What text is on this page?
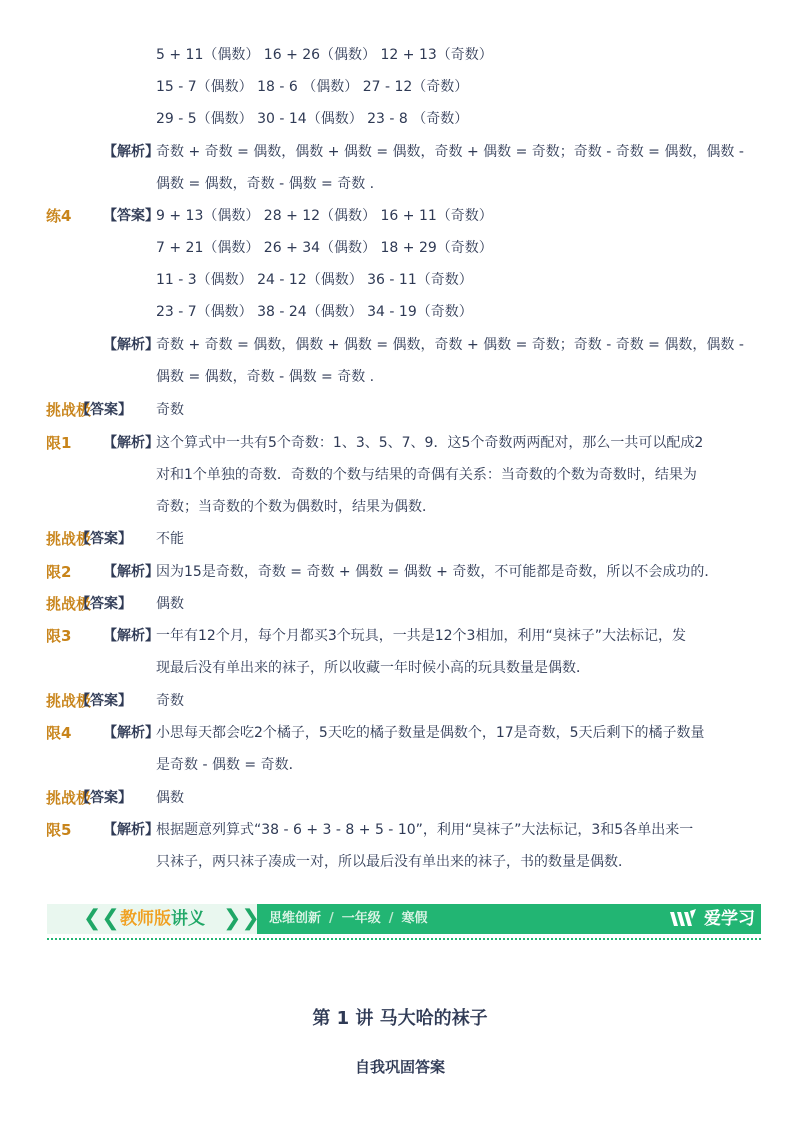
5 + 11（偶数） 16 + 26（偶数） 12 + 13（奇数）
15 - 7（偶数） 18 - 6 （偶数） 27 - 12（奇数）
29 - 5（偶数） 30 - 14（偶数） 23 - 8 （奇数）
【解析】
奇数 + 奇数 = 偶数，偶数 + 偶数 = 偶数，奇数 + 偶数 = 奇数；奇数 - 奇数 = 偶数，偶数 -
偶数 = 偶数，奇数 - 偶数 = 奇数 .
练4 【答案】
9 + 13（偶数） 28 + 12（偶数） 16 + 11（奇数）
7 + 21（偶数） 26 + 34（偶数） 18 + 29（奇数）
11 - 3（偶数） 24 - 12（偶数） 36 - 11（奇数）
23 - 7（偶数） 38 - 24（偶数） 34 - 19（奇数）
【解析】
奇数 + 奇数 = 偶数，偶数 + 偶数 = 偶数，奇数 + 偶数 = 奇数；奇数 - 奇数 = 偶数，偶数 -
偶数 = 偶数，奇数 - 偶数 = 奇数 .
挑战极
【答案】 奇数
限1 【解析】
这个算式中一共有5个奇数：1、3、5、7、9．这5个奇数两两配对，那么一共可以配成2
对和1个单独的奇数．奇数的个数与结果的奇偶有关系：当奇数的个数为奇数时，结果为
奇数；当奇数的个数为偶数时，结果为偶数．
挑战极
【答案】 不能
限2 【解析】
因为15是奇数，奇数 = 奇数 + 偶数 = 偶数 + 奇数，不可能都是奇数，所以不会成功的．
挑战极
【答案】 偶数
限3 【解析】
一年有12个月，每个月都买3个玩具，一共是12个3相加，利用“臭袜子”大法标记，发
现最后没有单出来的袜子，所以收藏一年时候小高的玩具数量是偶数．
挑战极
【答案】 奇数
限4 【解析】
小思每天都会吃2个橘子，5天吃的橘子数量是偶数个，17是奇数，5天后剩下的橘子数量
是奇数 - 偶数 = 奇数．
挑战极
【答案】 偶数
限5 【解析】
根据题意列算式“38 - 6 + 3 - 8 + 5 - 10”，利用“臭袜子”大法标记，3和5各单出来一
只袜子，两只袜子凑成一对，所以最后没有单出来的袜子，书的数量是偶数．
❮❮ 教师版讲义 ❯❯ 思维创新 / 一年级 / 寒假	爱学习
第 1 讲 马大哈的袜子
自我巩固答案
